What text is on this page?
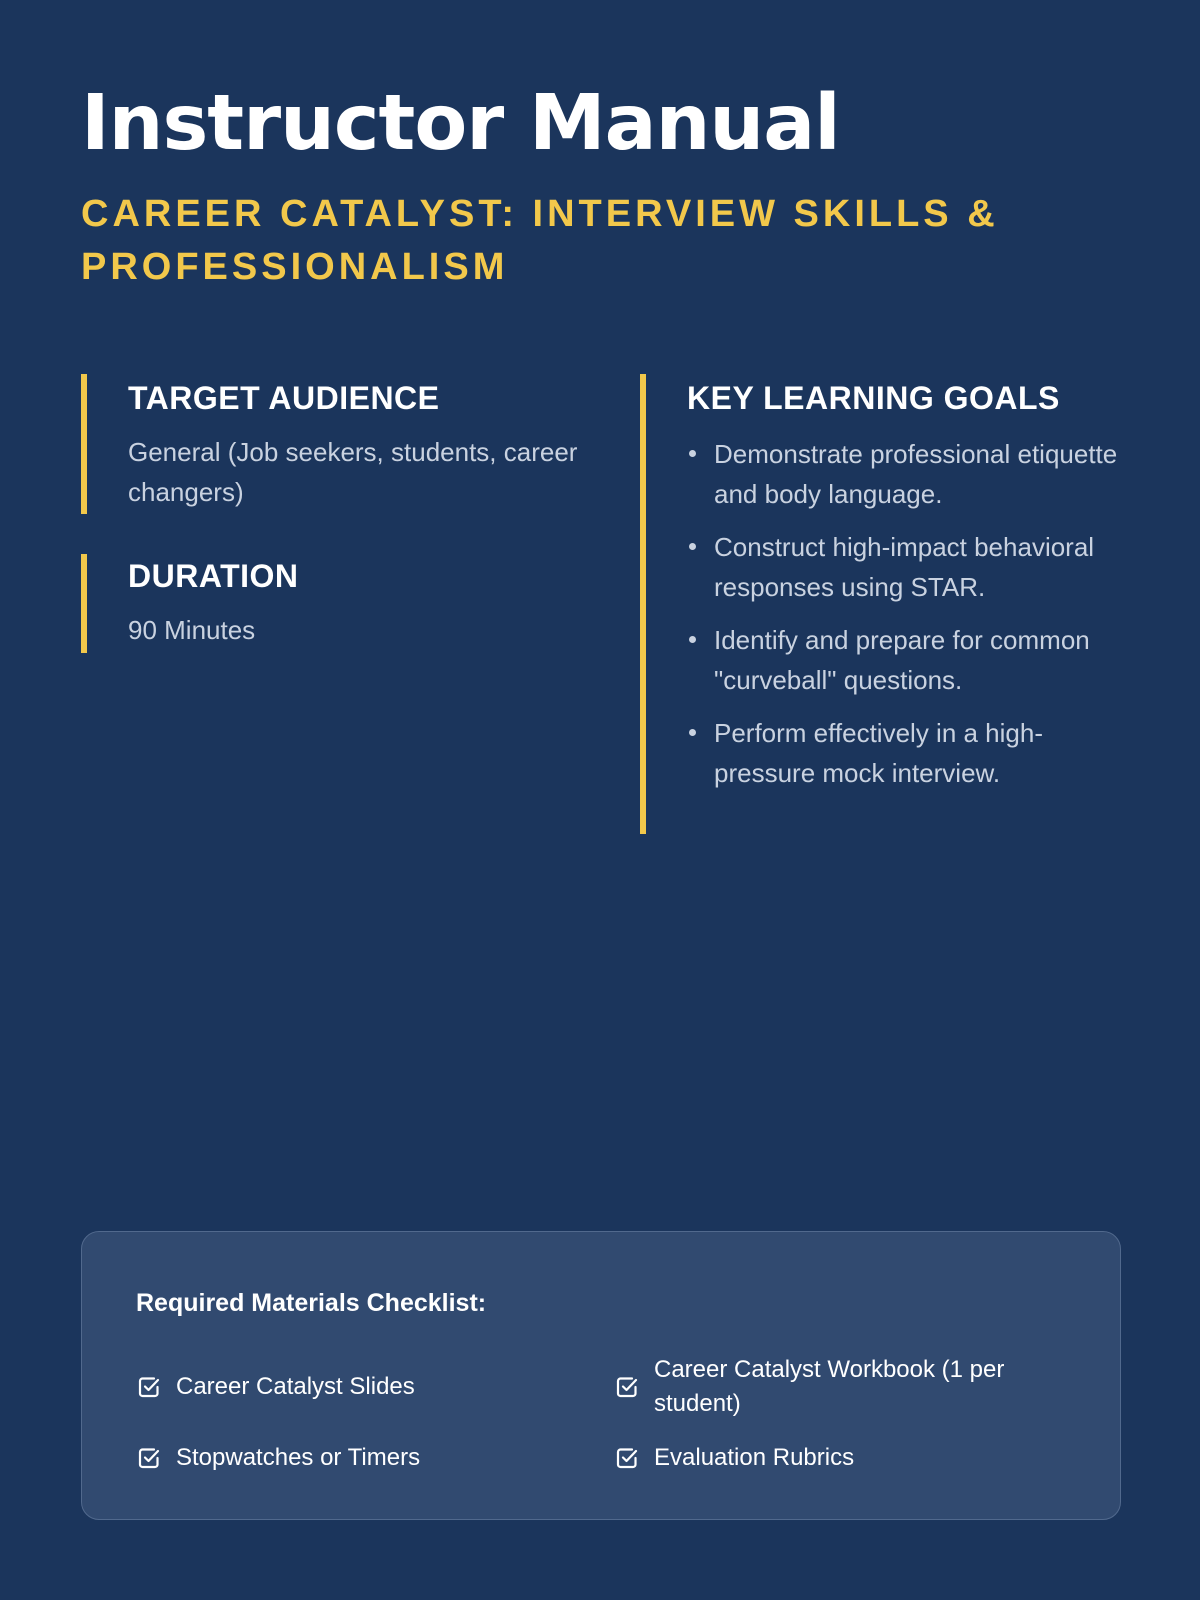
Instructor Manual
CAREER CATALYST: INTERVIEW SKILLS & PROFESSIONALISM
TARGET AUDIENCE

General (Job seekers, students, career changers)

DURATION

90 Minutes

KEY LEARNING GOALS
Demonstrate professional etiquette and body language.
Construct high-impact behavioral responses using STAR.
Identify and prepare for common "curveball" questions.
Perform effectively in a high-pressure mock interview.
Required Materials Checklist:
Career Catalyst Slides
Career Catalyst Workbook (1 per student)
Stopwatches or Timers	Evaluation Rubrics
